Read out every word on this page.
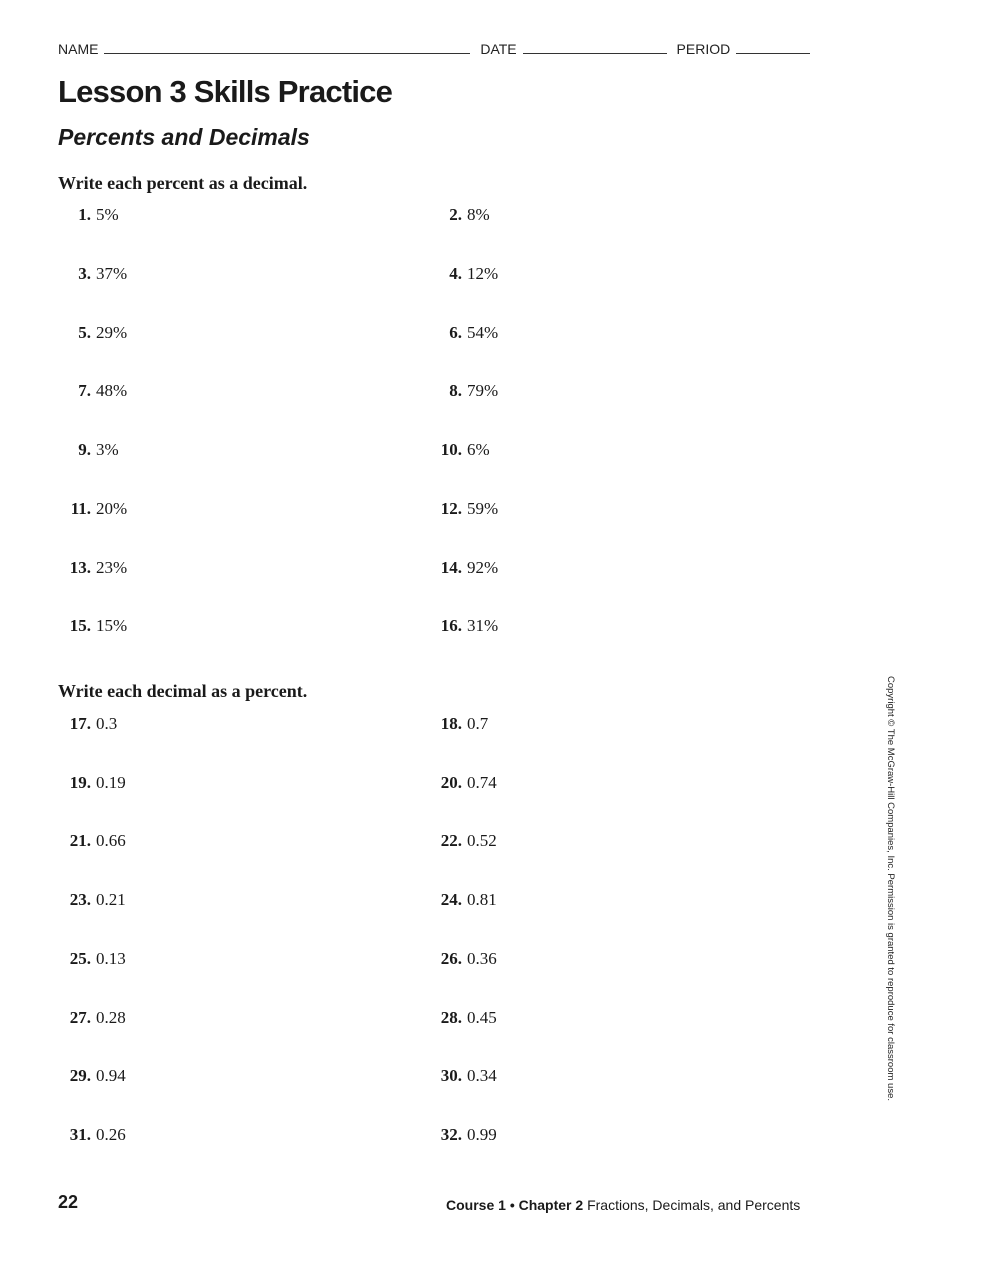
NAME	DATE	PERIOD
Lesson 3 Skills Practice
Percents and Decimals
Write each percent as a decimal.
1. 5%	2. 8%
3. 37%	4. 12%
5. 29%	6. 54%
7. 48%	8. 79%
9. 3%	10. 6%
11. 20%	12. 59%
13. 23%	14. 92%
15. 15%	16. 31%
Write each decimal as a percent.
17. 0.3	18. 0.7
19. 0.19	20. 0.74
21. 0.66	22. 0.52
23. 0.21	24. 0.81
25. 0.13	26. 0.36
27. 0.28	28. 0.45
29. 0.94	30. 0.34
31. 0.26	32. 0.99
Copyright © The McGraw-Hill Companies, Inc. Permission is granted to reproduce for classroom use.
22	Course 1 • Chapter 2 Fractions, Decimals, and Percents
